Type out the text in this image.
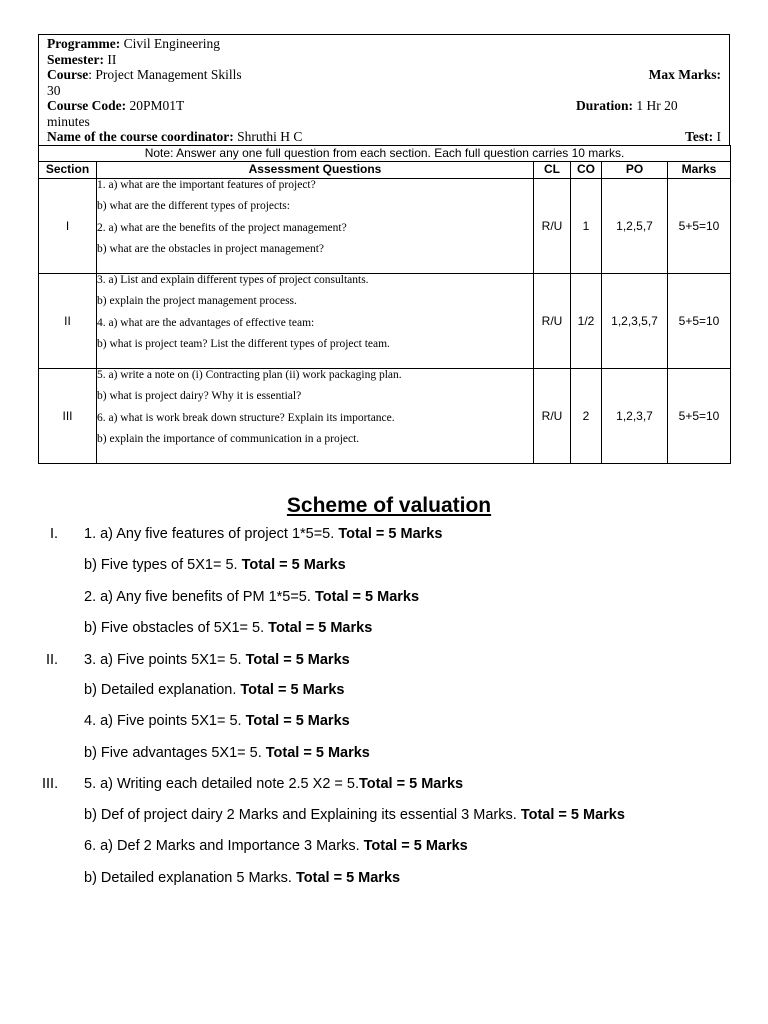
Programme: Civil Engineering
Semester: II
Course: Project Management Skills	Max Marks:
30
Course Code: 20PM01T	Duration: 1 Hr 20
minutes
Name of the course coordinator: Shruthi H C	Test: I
Note: Answer any one full question from each section. Each full question carries 10 marks.					
Section	Assessment Questions	CL	CO	PO	Marks
I	1. a) what are the important features of project?
b) what are the different types of projects:
2. a) what are the benefits of the project management?
b) what are the obstacles in project management?	R/U	1	1,2,5,7	5+5=10
II	3. a) List and explain different types of project consultants.
b) explain the project management process.
4. a) what are the advantages of effective team:
b) what is project team? List the different types of project team.	R/U	1/2	1,2,3,5,7	5+5=10
III	5. a) write a note on (i) Contracting plan (ii) work packaging plan.
b) what is project dairy? Why it is essential?
6. a) what is work break down structure? Explain its importance.
b) explain the importance of communication in a project.	R/U	2	1,2,3,7	5+5=10
Scheme of valuation
I.
II.
III.
1. a) Any five features of project 1*5=5. Total = 5 Marks
b) Five types of 5X1= 5. Total = 5 Marks
2. a) Any five benefits of PM 1*5=5. Total = 5 Marks
b) Five obstacles of 5X1= 5. Total = 5 Marks
3. a) Five points 5X1= 5. Total = 5 Marks
b) Detailed explanation. Total = 5 Marks
4. a) Five points 5X1= 5. Total = 5 Marks
b) Five advantages 5X1= 5. Total = 5 Marks
5. a) Writing each detailed note 2.5 X2 = 5.Total = 5 Marks
b) Def of project dairy 2 Marks and Explaining its essential 3 Marks. Total = 5 Marks
6. a) Def 2 Marks and Importance 3 Marks. Total = 5 Marks
b) Detailed explanation 5 Marks. Total = 5 Marks
